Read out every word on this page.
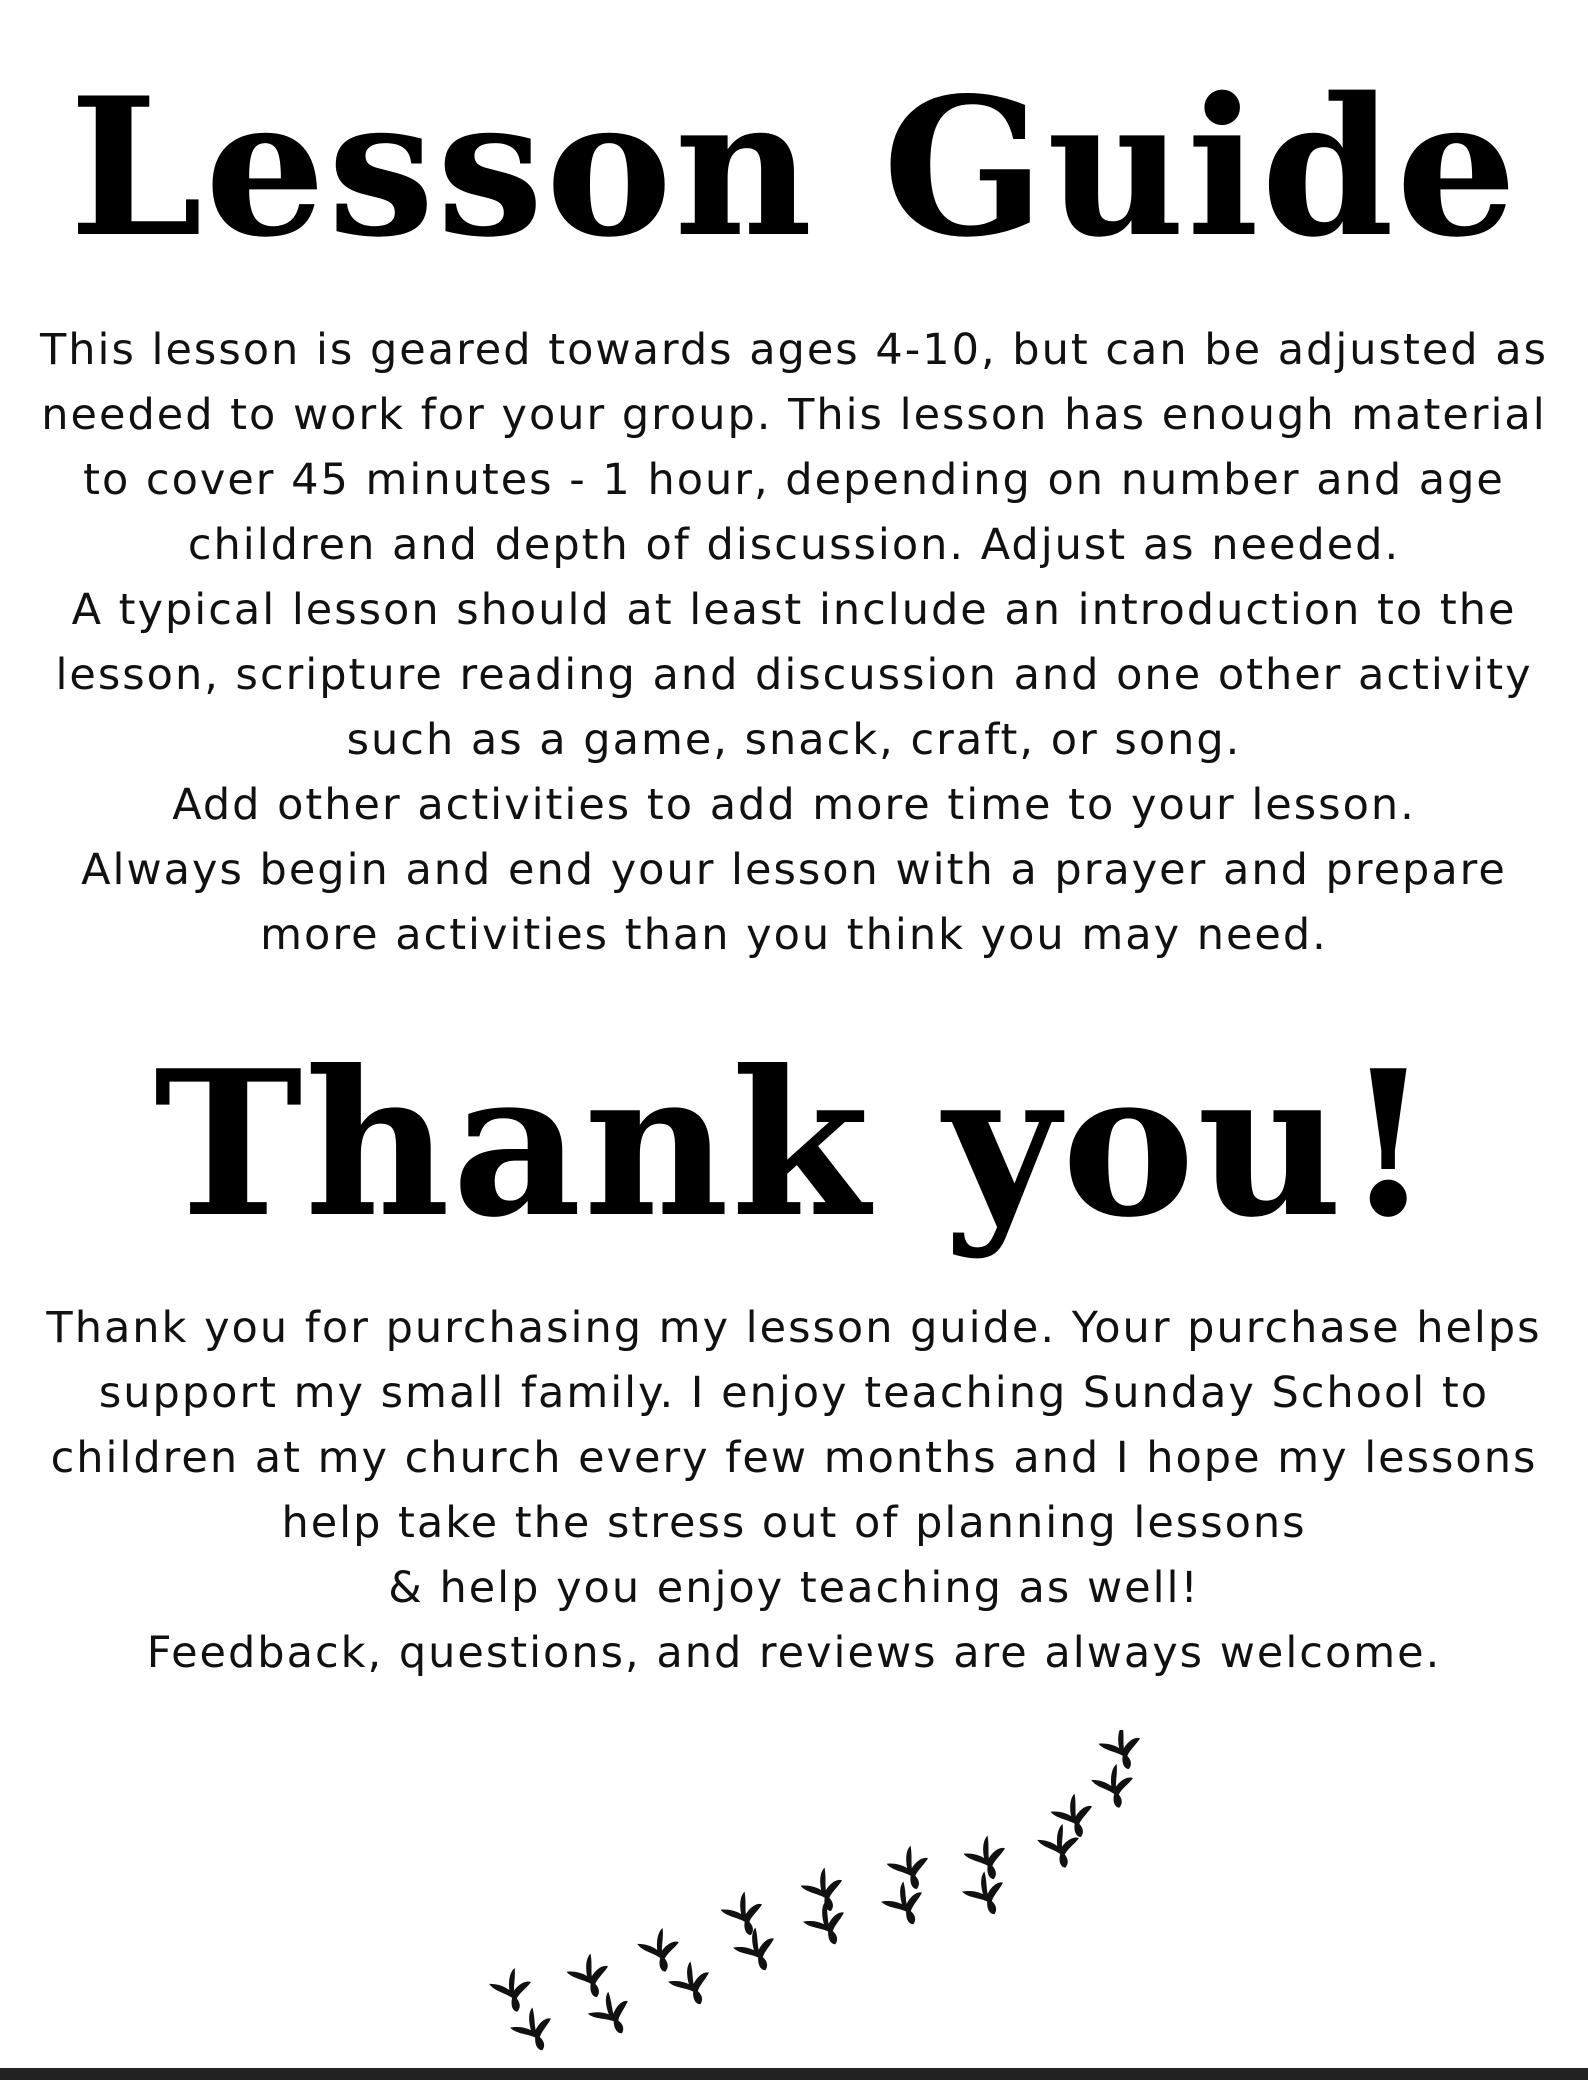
Lesson Guide
This lesson is geared towards ages 4-10, but can be adjusted as
needed to work for your group. This lesson has enough material
to cover 45 minutes - 1 hour, depending on number and age
children and depth of discussion. Adjust as needed.
A typical lesson should at least include an introduction to the
lesson, scripture reading and discussion and one other activity
such as a game, snack, craft, or song.
Add other activities to add more time to your lesson.
Always begin and end your lesson with a prayer and prepare
more activities than you think you may need.
Thank you!
Thank you for purchasing my lesson guide. Your purchase helps
support my small family. I enjoy teaching Sunday School to
children at my church every few months and I hope my lessons
help take the stress out of planning lessons
& help you enjoy teaching as well!
Feedback, questions, and reviews are always welcome.
